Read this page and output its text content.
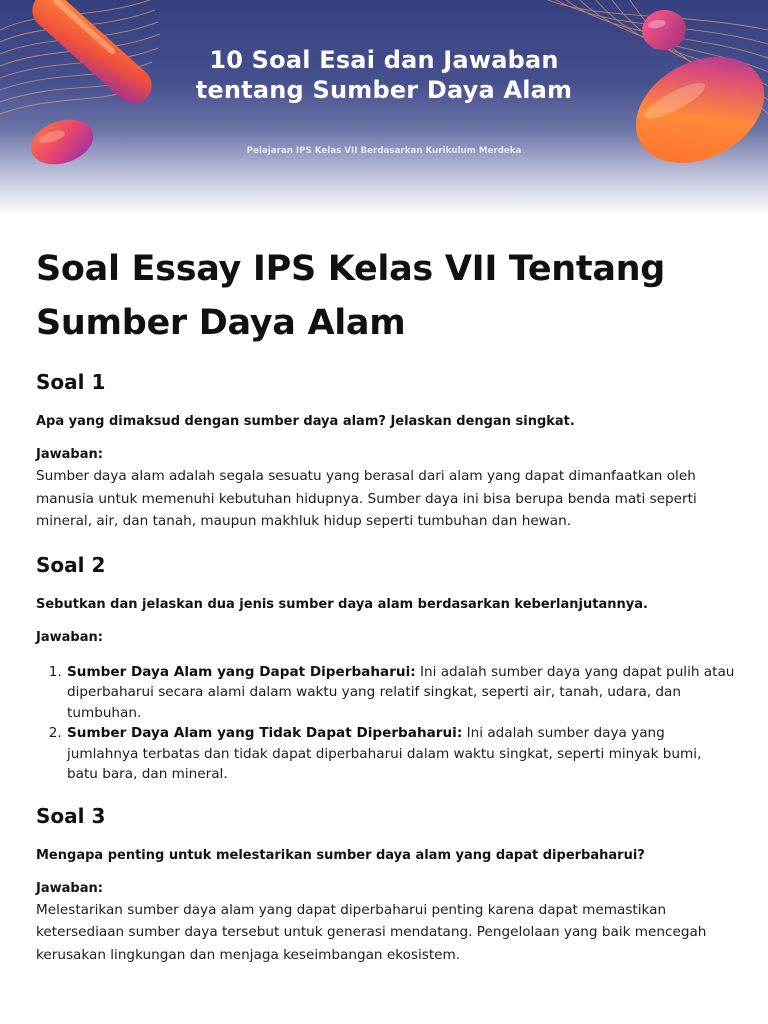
10 Soal Esai dan Jawaban tentang Sumber Daya Alam

Pelajaran IPS Kelas VII Berdasarkan Kurikulum Merdeka

Soal Essay IPS Kelas VII Tentang Sumber Daya Alam
Soal 1

Apa yang dimaksud dengan sumber daya alam? Jelaskan dengan singkat.

Jawaban:

Sumber daya alam adalah segala sesuatu yang berasal dari alam yang dapat dimanfaatkan oleh manusia untuk memenuhi kebutuhan hidupnya. Sumber daya ini bisa berupa benda mati seperti mineral, air, dan tanah, maupun makhluk hidup seperti tumbuhan dan hewan.

Soal 2

Sebutkan dan jelaskan dua jenis sumber daya alam berdasarkan keberlanjutannya.

Jawaban:

1. Sumber Daya Alam yang Dapat Diperbaharui: Ini adalah sumber daya yang dapat pulih atau diperbaharui secara alami dalam waktu yang relatif singkat, seperti air, tanah, udara, dan tumbuhan.
2. Sumber Daya Alam yang Tidak Dapat Diperbaharui: Ini adalah sumber daya yang jumlahnya terbatas dan tidak dapat diperbaharui dalam waktu singkat, seperti minyak bumi, batu bara, dan mineral.
Soal 3

Mengapa penting untuk melestarikan sumber daya alam yang dapat diperbaharui?

Jawaban:

Melestarikan sumber daya alam yang dapat diperbaharui penting karena dapat memastikan ketersediaan sumber daya tersebut untuk generasi mendatang. Pengelolaan yang baik mencegah kerusakan lingkungan dan menjaga keseimbangan ekosistem.
